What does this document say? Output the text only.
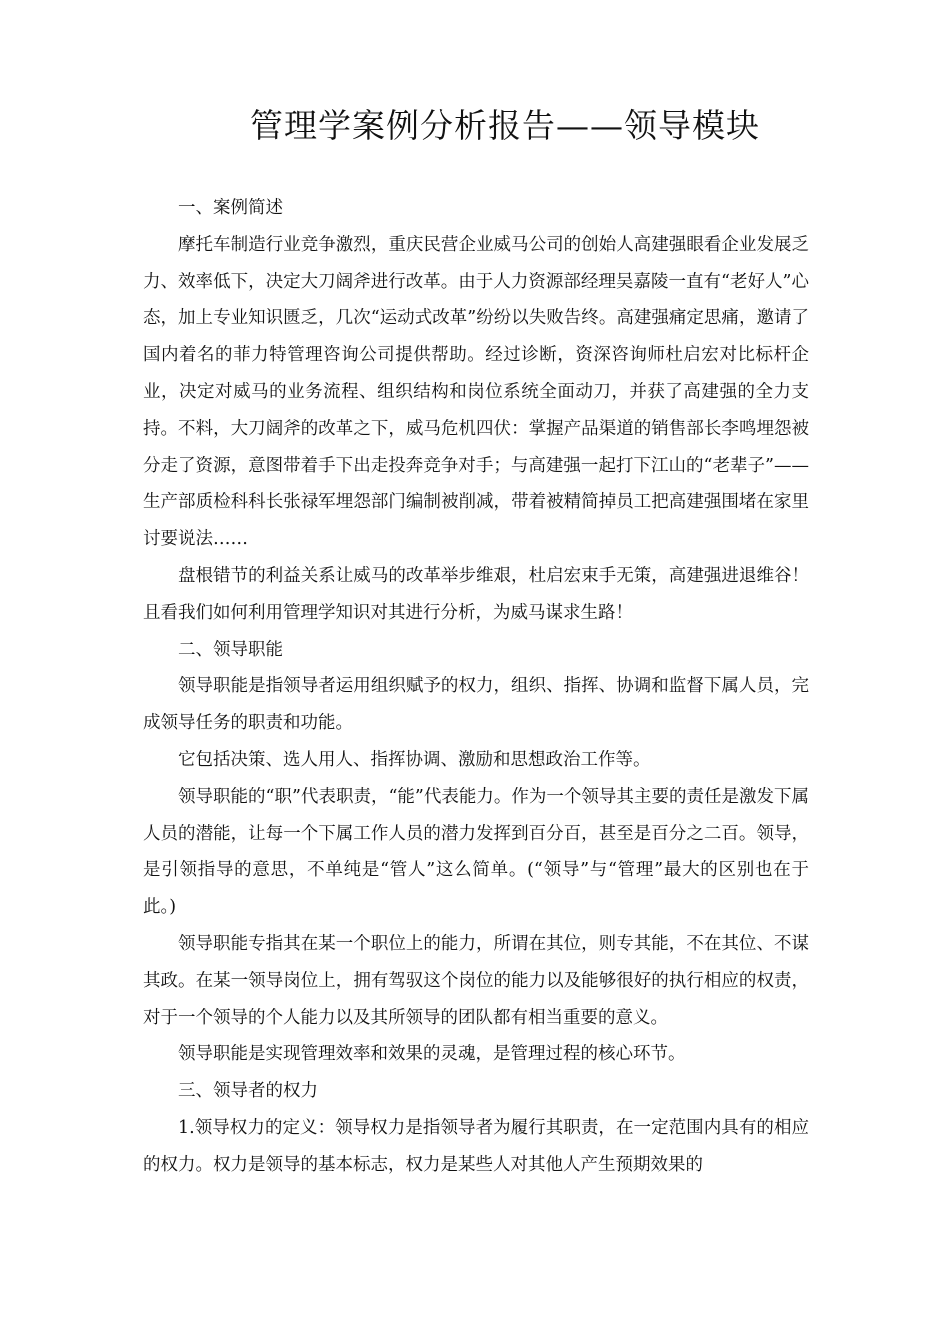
管理学案例分析报告——领导模块

一、案例简述

摩托车制造行业竞争激烈，重庆民营企业威马公司的创始人高建强眼看企业发展乏力、效率低下，决定大刀阔斧进行改革。由于人力资源部经理吴嘉陵一直有“老好人”心态，加上专业知识匮乏，几次“运动式改革”纷纷以失败告终。高建强痛定思痛，邀请了国内着名的菲力特管理咨询公司提供帮助。经过诊断，资深咨询师杜启宏对比标杆企业，决定对威马的业务流程、组织结构和岗位系统全面动刀，并获了高建强的全力支持。不料，大刀阔斧的改革之下，威马危机四伏：掌握产品渠道的销售部长李鸣埋怨被分走了资源，意图带着手下出走投奔竞争对手；与高建强一起打下江山的“老辈子”——生产部质检科科长张禄军埋怨部门编制被削减，带着被精简掉员工把高建强围堵在家里讨要说法……

盘根错节的利益关系让威马的改革举步维艰，杜启宏束手无策，高建强进退维谷！且看我们如何利用管理学知识对其进行分析，为威马谋求生路！

二、领导职能

领导职能是指领导者运用组织赋予的权力，组织、指挥、协调和监督下属人员，完成领导任务的职责和功能。

它包括决策、选人用人、指挥协调、激励和思想政治工作等。

领导职能的“职”代表职责，“能”代表能力。作为一个领导其主要的责任是激发下属人员的潜能，让每一个下属工作人员的潜力发挥到百分百，甚至是百分之二百。领导，是引领指导的意思，不单纯是“管人”这么简单。(“领导”与“管理”最大的区别也在于此。)

领导职能专指其在某一个职位上的能力，所谓在其位，则专其能，不在其位、不谋其政。在某一领导岗位上，拥有驾驭这个岗位的能力以及能够很好的执行相应的权责，对于一个领导的个人能力以及其所领导的团队都有相当重要的意义。

领导职能是实现管理效率和效果的灵魂，是管理过程的核心环节。

三、领导者的权力

1.领导权力的定义：领导权力是指领导者为履行其职责，在一定范围内具有的相应的权力。权力是领导的基本标志，权力是某些人对其他人产生预期效果的
